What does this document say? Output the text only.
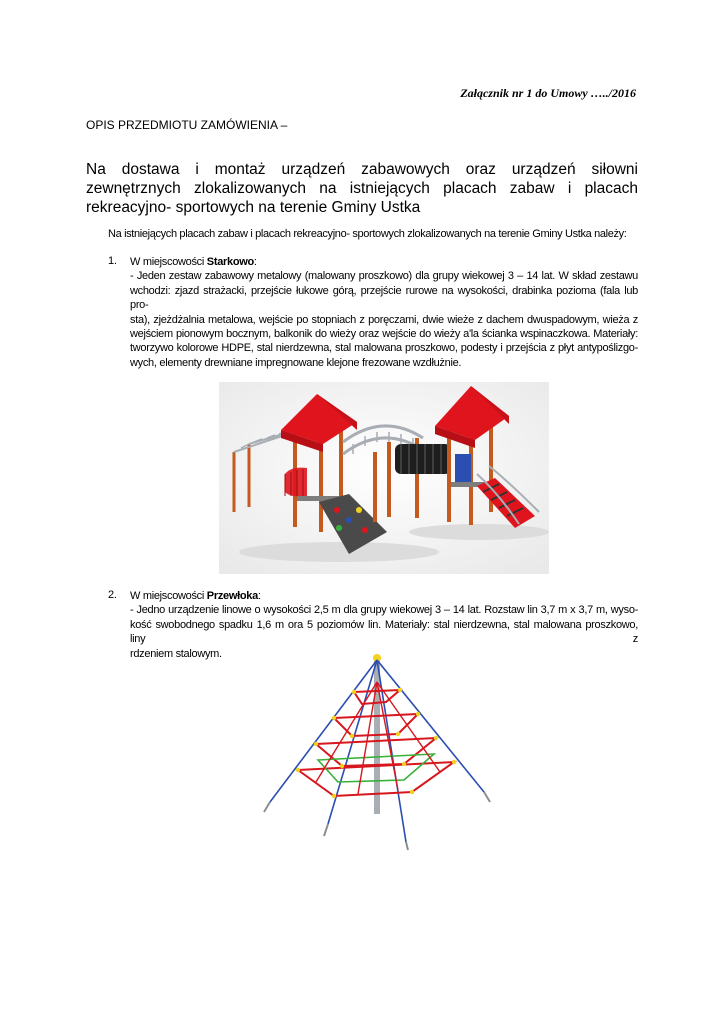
Załącznik nr 1 do Umowy …../2016
OPIS PRZEDMIOTU ZAMÓWIENIA –
Na dostawa i montaż urządzeń zabawowych oraz urządzeń siłowni zewnętrznych zlokalizowanych na istniejących placach zabaw i placach rekreacyjno- sportowych na terenie Gminy Ustka
Na istniejących placach zabaw i placach rekreacyjno- sportowych zlokalizowanych na terenie Gminy Ustka należy:
1. W miejscowości Starkowo:
- Jeden zestaw zabawowy metalowy (malowany proszkowo) dla grupy wiekowej 3 – 14 lat. W skład zestawu
wchodzi: zjazd strażacki, przejście łukowe górą, przejście rurowe na wysokości, drabinka pozioma (fala lub pro-
sta), zjeżdżalnia metalowa, wejście po stopniach z poręczami, dwie wieże z dachem dwuspadowym, wieża z
wejściem pionowym bocznym, balkonik do wieży oraz wejście do wieży a'la ścianka wspinaczkowa. Materiały:
tworzywo kolorowe HDPE, stal nierdzewna, stal malowana proszkowo, podesty i przejścia z płyt antypoślizgo-
wych, elementy drewniane impregnowane klejone frezowane wzdłużnie.
2. W miejscowości Przewłoka:
- Jedno urządzenie linowe o wysokości 2,5 m dla grupy wiekowej 3 – 14 lat. Rozstaw lin 3,7 m x 3,7 m, wyso-
kość swobodnego spadku 1,6 m ora 5 poziomów lin. Materiały: stal nierdzewna, stal malowana proszkowo, liny z
rdzeniem stalowym.
